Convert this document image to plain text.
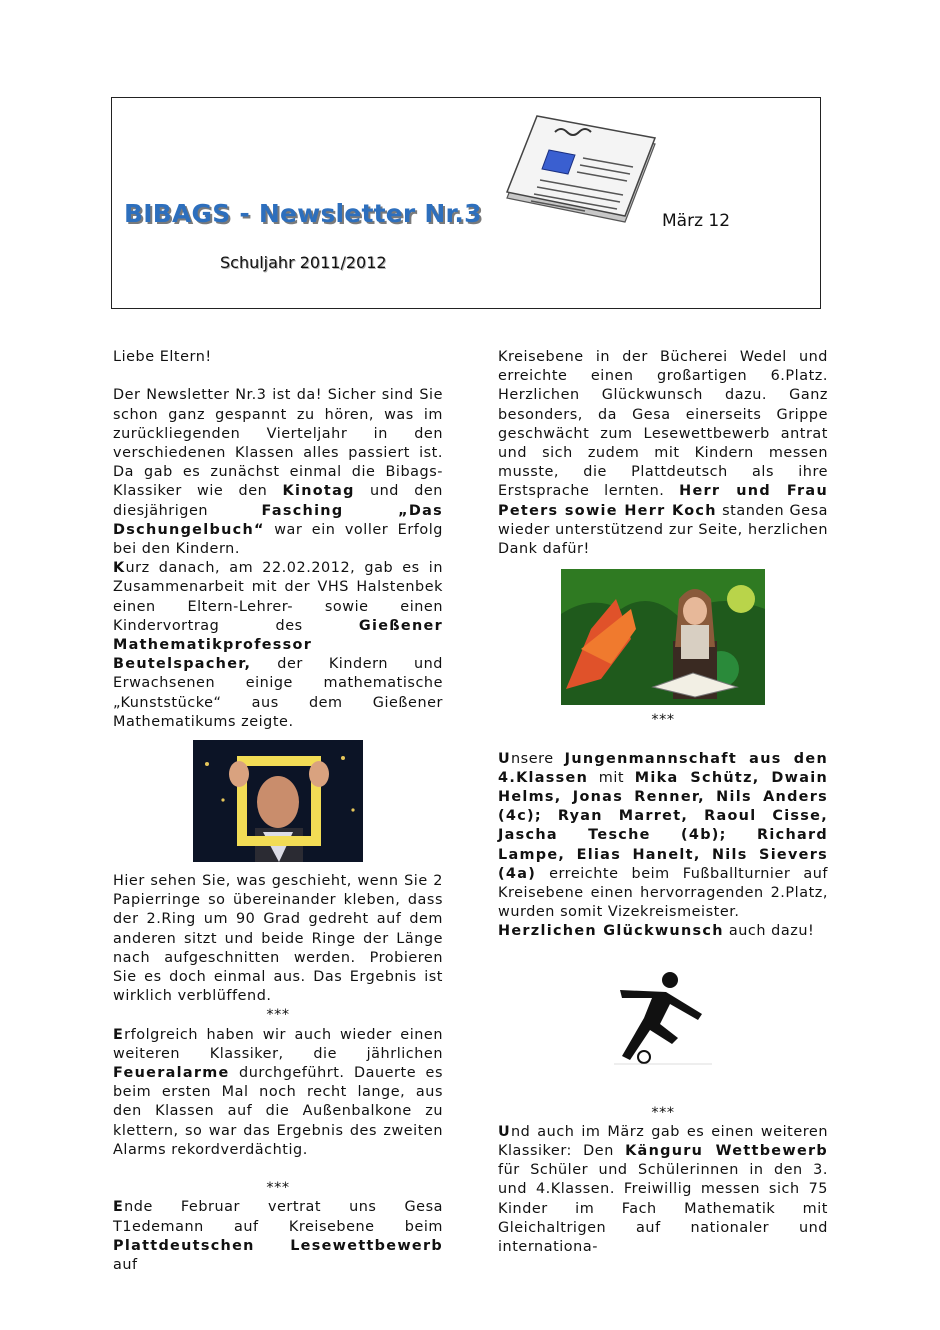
BIBAGS - Newsletter Nr.3	März 12
Schuljahr 2011/2012

Liebe Eltern!

Der Newsletter Nr.3 ist da! Sicher sind Sie schon ganz gespannt zu hören, was im zurückliegenden Vierteljahr in den verschiedenen Klassen alles passiert ist. Da gab es zunächst einmal die Bibags-Klassiker wie den Kinotag und den diesjährigen Fasching „Das Dschungelbuch“ war ein voller Erfolg bei den Kindern.

Kurz danach, am 22.02.2012, gab es in Zusammenarbeit mit der VHS Halstenbek einen Eltern-Lehrer- sowie einen Kindervortrag des Gießener Mathematikprofessor Beutelspacher, der Kindern und Erwachsenen einige mathematische „Kunststücke“ aus dem Gießener Mathematikums zeigte.

Hier sehen Sie, was geschieht, wenn Sie 2 Papierringe so übereinander kleben, dass der 2.Ring um 90 Grad gedreht auf dem anderen sitzt und beide Ringe der Länge nach aufgeschnitten werden. Probieren Sie es doch einmal aus. Das Ergebnis ist wirklich verblüffend.

***

Erfolgreich haben wir auch wieder einen weiteren Klassiker, die jährlichen Feueralarme durchgeführt. Dauerte es beim ersten Mal noch recht lange, aus den Klassen auf die Außenbalkone zu klettern, so war das Ergebnis des zweiten Alarms rekordverdächtig.

***

Ende Februar vertrat uns Gesa T1edemann auf Kreisebene beim Plattdeutschen Lesewettbewerb auf

Kreisebene in der Bücherei Wedel und erreichte einen großartigen 6.Platz. Herzlichen Glückwunsch dazu. Ganz besonders, da Gesa einerseits Grippe geschwächt zum Lesewettbewerb antrat und sich zudem mit Kindern messen musste, die Plattdeutsch als ihre Erstsprache lernten. Herr und Frau Peters sowie Herr Koch standen Gesa wieder unterstützend zur Seite, herzlichen Dank dafür!

***

Unsere Jungenmannschaft aus den 4.Klassen mit Mika Schütz, Dwain Helms, Jonas Renner, Nils Anders (4c); Ryan Marret, Raoul Cisse, Jascha Tesche (4b); Richard Lampe, Elias Hanelt, Nils Sievers (4a) erreichte beim Fußballturnier auf Kreisebene einen hervorragenden 2.Platz, wurden somit Vizekreismeister.

Herzlichen Glückwunsch auch dazu!

***

Und auch im März gab es einen weiteren Klassiker: Den Känguru Wettbewerb für Schüler und Schülerinnen in den 3. und 4.Klassen. Freiwillig messen sich 75 Kinder im Fach Mathematik mit Gleichaltrigen auf nationaler und internationa-
